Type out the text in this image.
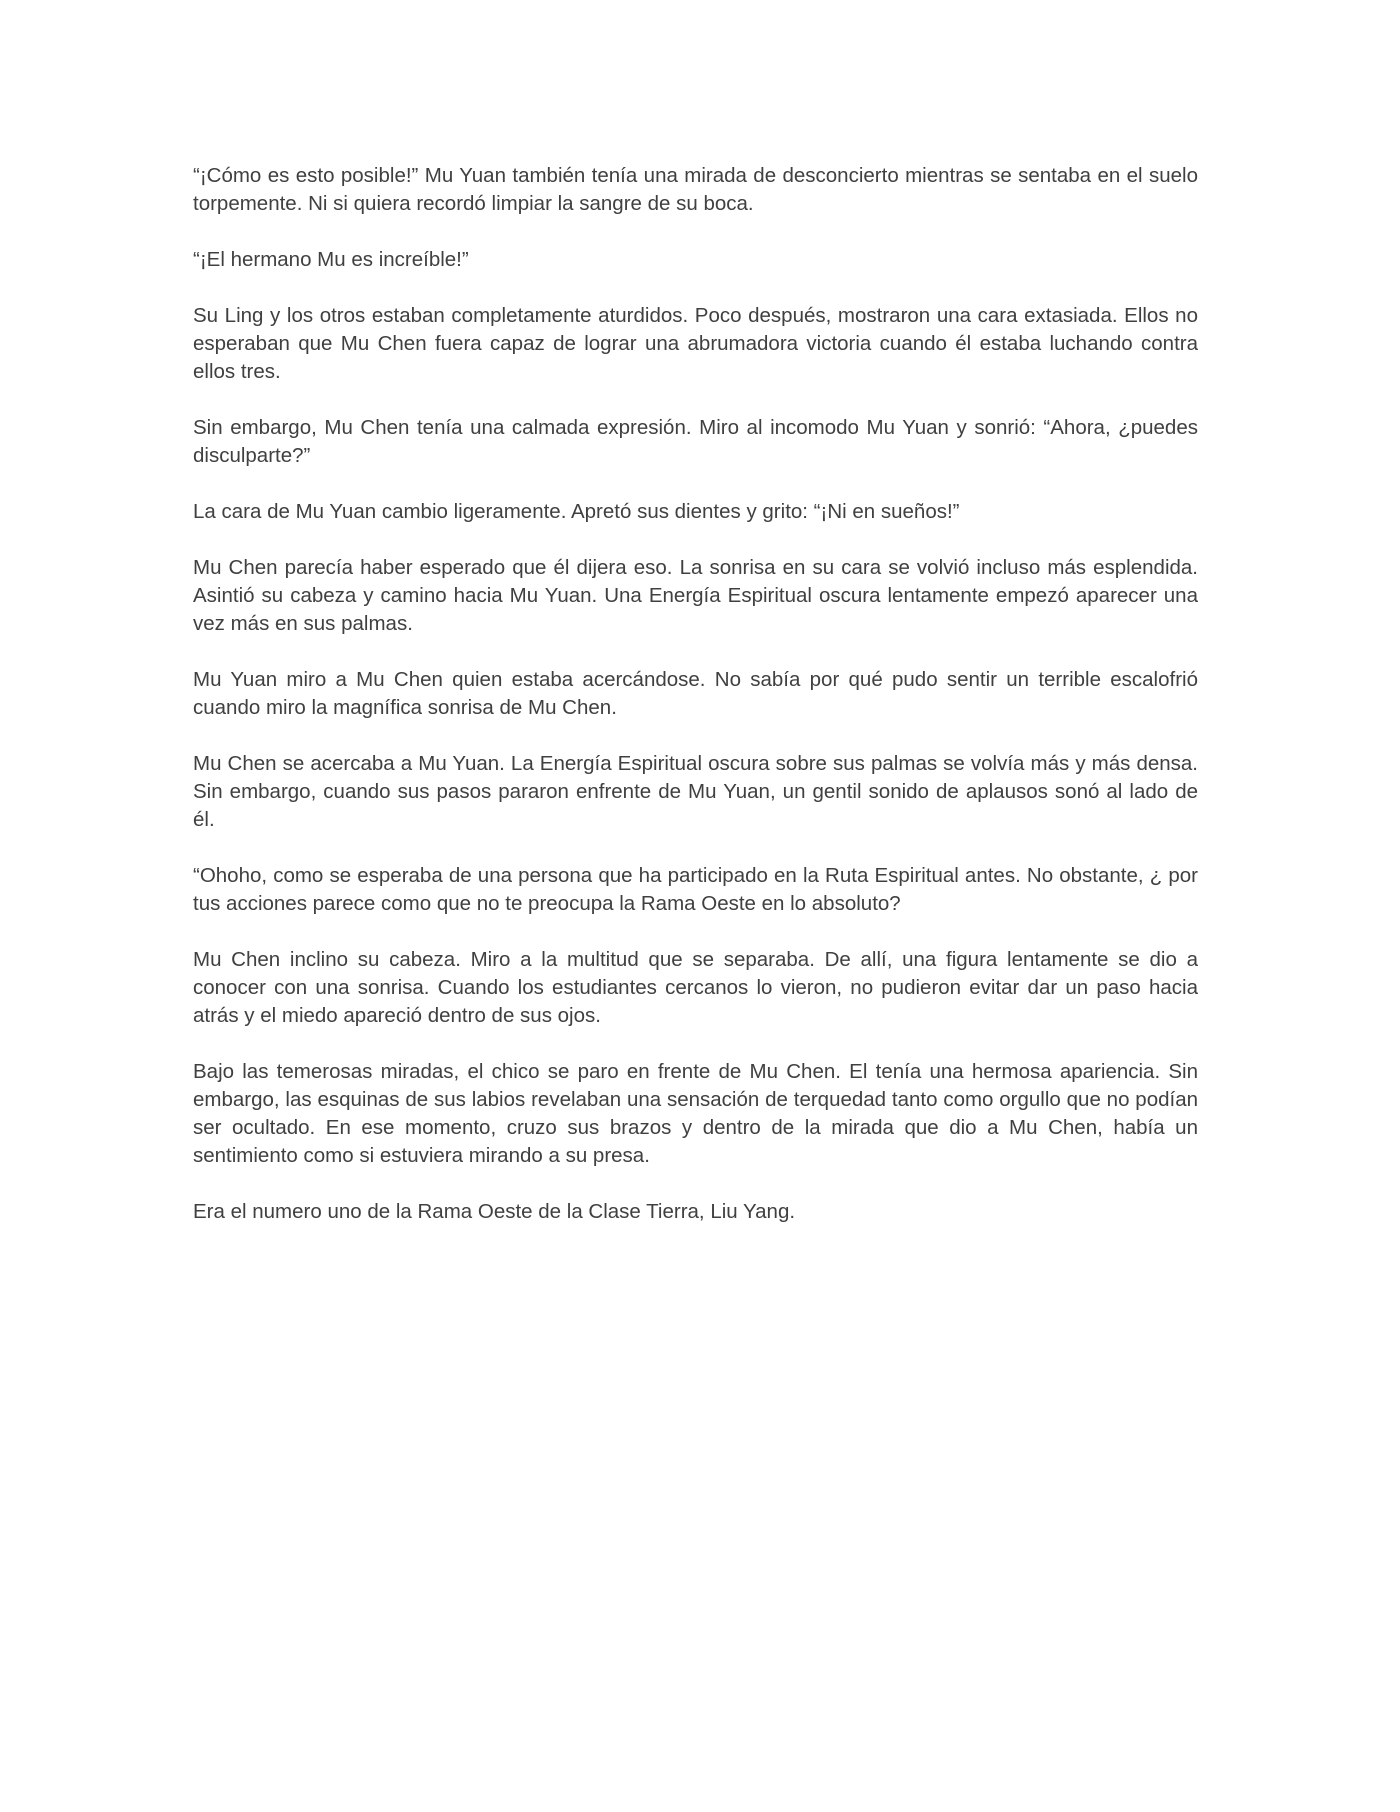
“¡Cómo es esto posible!” Mu Yuan también tenía una mirada de desconcierto mientras se sentaba en el suelo torpemente. Ni si quiera recordó limpiar la sangre de su boca.

“¡El hermano Mu es increíble!”

Su Ling y los otros estaban completamente aturdidos. Poco después, mostraron una cara extasiada. Ellos no esperaban que Mu Chen fuera capaz de lograr una abrumadora victoria cuando él estaba luchando contra ellos tres.

Sin embargo, Mu Chen tenía una calmada expresión. Miro al incomodo Mu Yuan y sonrió: “Ahora, ¿puedes disculparte?”

La cara de Mu Yuan cambio ligeramente. Apretó sus dientes y grito: “¡Ni en sueños!”

Mu Chen parecía haber esperado que él dijera eso. La sonrisa en su cara se volvió incluso más esplendida. Asintió su cabeza y camino hacia Mu Yuan. Una Energía Espiritual oscura lentamente empezó aparecer una vez más en sus palmas.

Mu Yuan miro a Mu Chen quien estaba acercándose. No sabía por qué pudo sentir un terrible escalofrió cuando miro la magnífica sonrisa de Mu Chen.

Mu Chen se acercaba a Mu Yuan. La Energía Espiritual oscura sobre sus palmas se volvía más y más densa. Sin embargo, cuando sus pasos pararon enfrente de Mu Yuan, un gentil sonido de aplausos sonó al lado de él.

“Ohoho, como se esperaba de una persona que ha participado en la Ruta Espiritual antes. No obstante, ¿ por tus acciones parece como que no te preocupa la Rama Oeste en lo absoluto?

Mu Chen inclino su cabeza. Miro a la multitud que se separaba. De allí, una figura lentamente se dio a conocer con una sonrisa. Cuando los estudiantes cercanos lo vieron, no pudieron evitar dar un paso hacia atrás y el miedo apareció dentro de sus ojos.

Bajo las temerosas miradas, el chico se paro en frente de Mu Chen. El tenía una hermosa apariencia. Sin embargo, las esquinas de sus labios revelaban una sensación de terquedad tanto como orgullo que no podían ser ocultado. En ese momento, cruzo sus brazos y dentro de la mirada que dio a Mu Chen, había un sentimiento como si estuviera mirando a su presa.

Era el numero uno de la Rama Oeste de la Clase Tierra, Liu Yang.
